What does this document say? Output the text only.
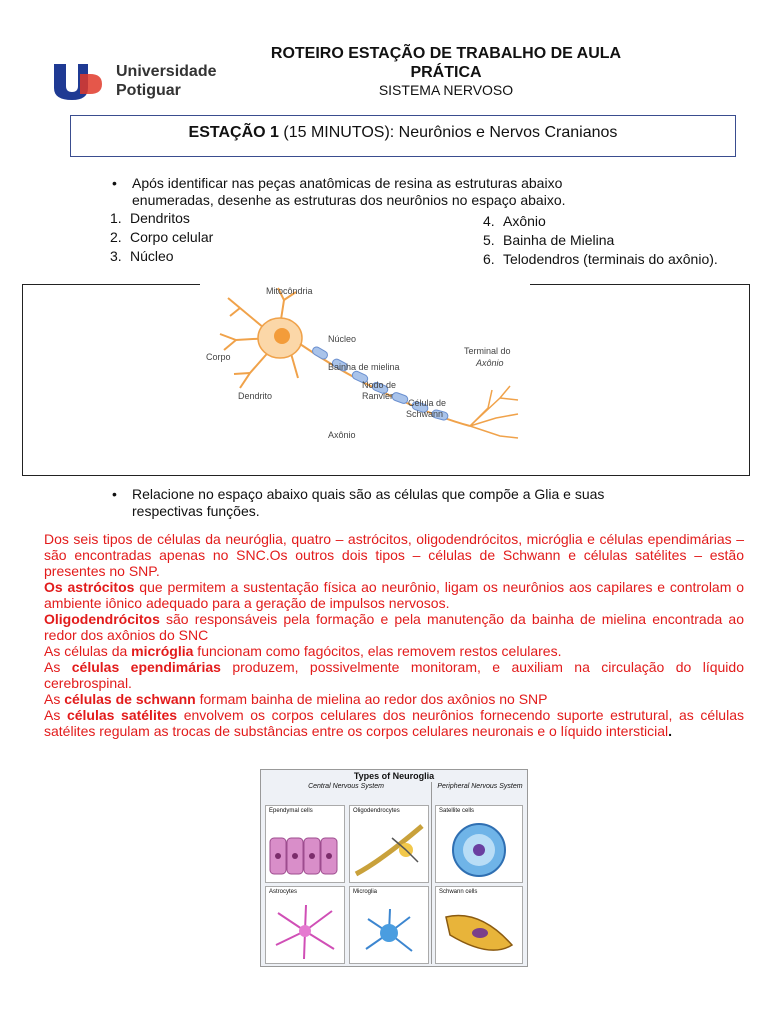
Universidade
Potiguar
ROTEIRO ESTAÇÃO DE TRABALHO DE AULA
PRÁTICA
SISTEMA NERVOSO
ESTAÇÃO 1 (15 MINUTOS): Neurônios e Nervos Cranianos
•	Após identificar nas peças anatômicas de resina as estruturas abaixo
enumeradas, desenhe as estruturas dos neurônios no espaço abaixo.
1. Dendritos
2. Corpo celular
3. Núcleo
4. Axônio
5. Bainha de Mielina
6. Telodendros (terminais do axônio).
Mitocôndria
Núcleo
Corpo
Bainha de mielina
Terminal do
Axônio
Nodo de
Ranvier
Célula de
Schwann
Dendrito
Axônio
•	Relacione no espaço abaixo quais são as células que compõe a Glia e suas
respectivas funções.

Dos seis tipos de células da neuróglia, quatro – astrócitos, oligodendrócitos, micróglia e células ependimárias – são encontradas apenas no SNC.Os outros dois tipos – células de Schwann e células satélites – estão presentes no SNP.

Os astrócitos que permitem a sustentação física ao neurônio, ligam os neurônios aos capilares e controlam o ambiente iônico adequado para a geração de impulsos nervosos.

Oligodendrócitos são responsáveis pela formação e pela manutenção da bainha de mielina encontrada ao redor dos axônios do SNC

As células da micróglia funcionam como fagócitos, elas removem restos celulares.

As células ependimárias produzem, possivelmente monitoram, e auxiliam na circulação do líquido cerebrospinal.

As células de schwann formam bainha de mielina ao redor dos axônios no SNP

As células satélites envolvem os corpos celulares dos neurônios fornecendo suporte estrutural, as células satélites regulam as trocas de substâncias entre os corpos celulares neuronais e o líquido intersticial.

Types of Neuroglia
Central Nervous System	Peripheral Nervous System
Ependymal cells	Oligodendrocytes	Satellite cells
Astrocytes	Microglia	Schwann cells
